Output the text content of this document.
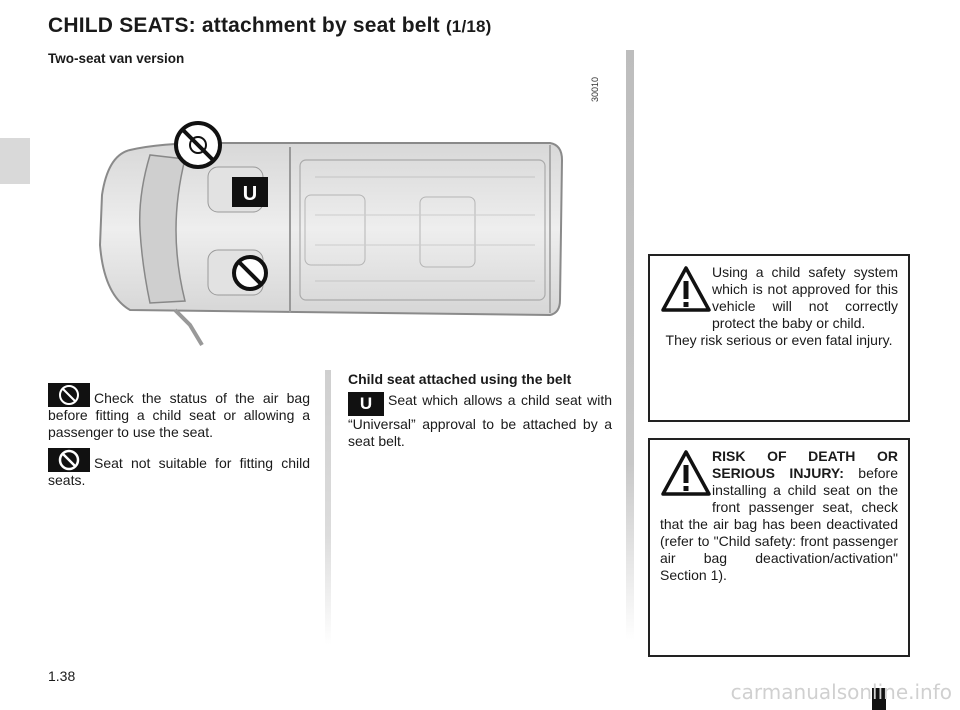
CHILD SEATS: attachment by seat belt (1/18)
Two-seat van version
30010
U
Check the status of the air bag before fitting a child seat or allowing a passenger to use the seat.
Seat not suitable for fitting child seats.
Child seat attached using the belt
U Seat which allows a child seat with “Universal” approval to be attached by a seat belt.

Using a child safety system which is not approved for this vehicle will not correctly protect the baby or child.

They risk serious or even fatal injury.

RISK OF DEATH OR SERIOUS INJURY: before installing a child seat on the front passenger seat, check that the air bag has been deactivated (refer to "Child safety: front passenger air bag deactivation/activation" Section 1).

1.38
carmanualsonline.info
